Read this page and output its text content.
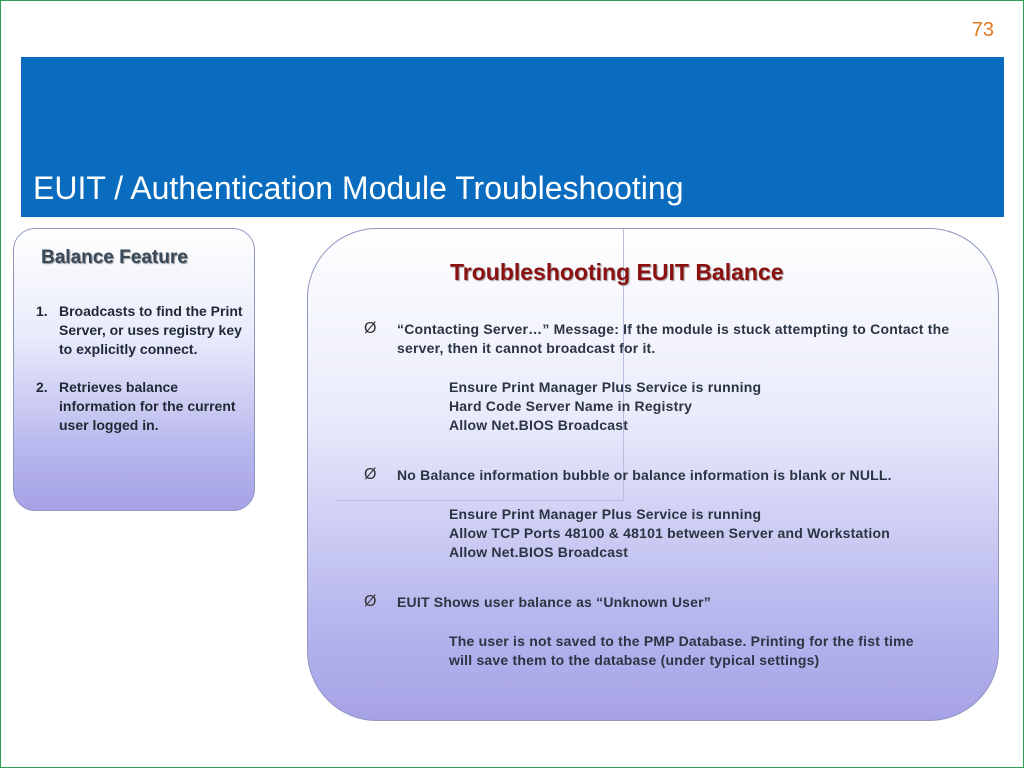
73
EUIT / Authentication Module Troubleshooting
Balance Feature
1. Broadcasts to find the Print Server, or uses registry key to explicitly connect.
2. Retrieves balance information for the current user logged in.
Troubleshooting EUIT Balance
Ø “Contacting Server…” Message: If the module is stuck attempting to Contact the server, then it cannot broadcast for it.
Ensure Print Manager Plus Service is running
Hard Code Server Name in Registry
Allow Net.BIOS Broadcast
Ø No Balance information bubble or balance information is blank or NULL.
Ensure Print Manager Plus Service is running
Allow TCP Ports 48100 & 48101 between Server and Workstation
Allow Net.BIOS Broadcast
Ø EUIT Shows user balance as “Unknown User”
The user is not saved to the PMP Database. Printing for the fist time will save them to the database (under typical settings)
